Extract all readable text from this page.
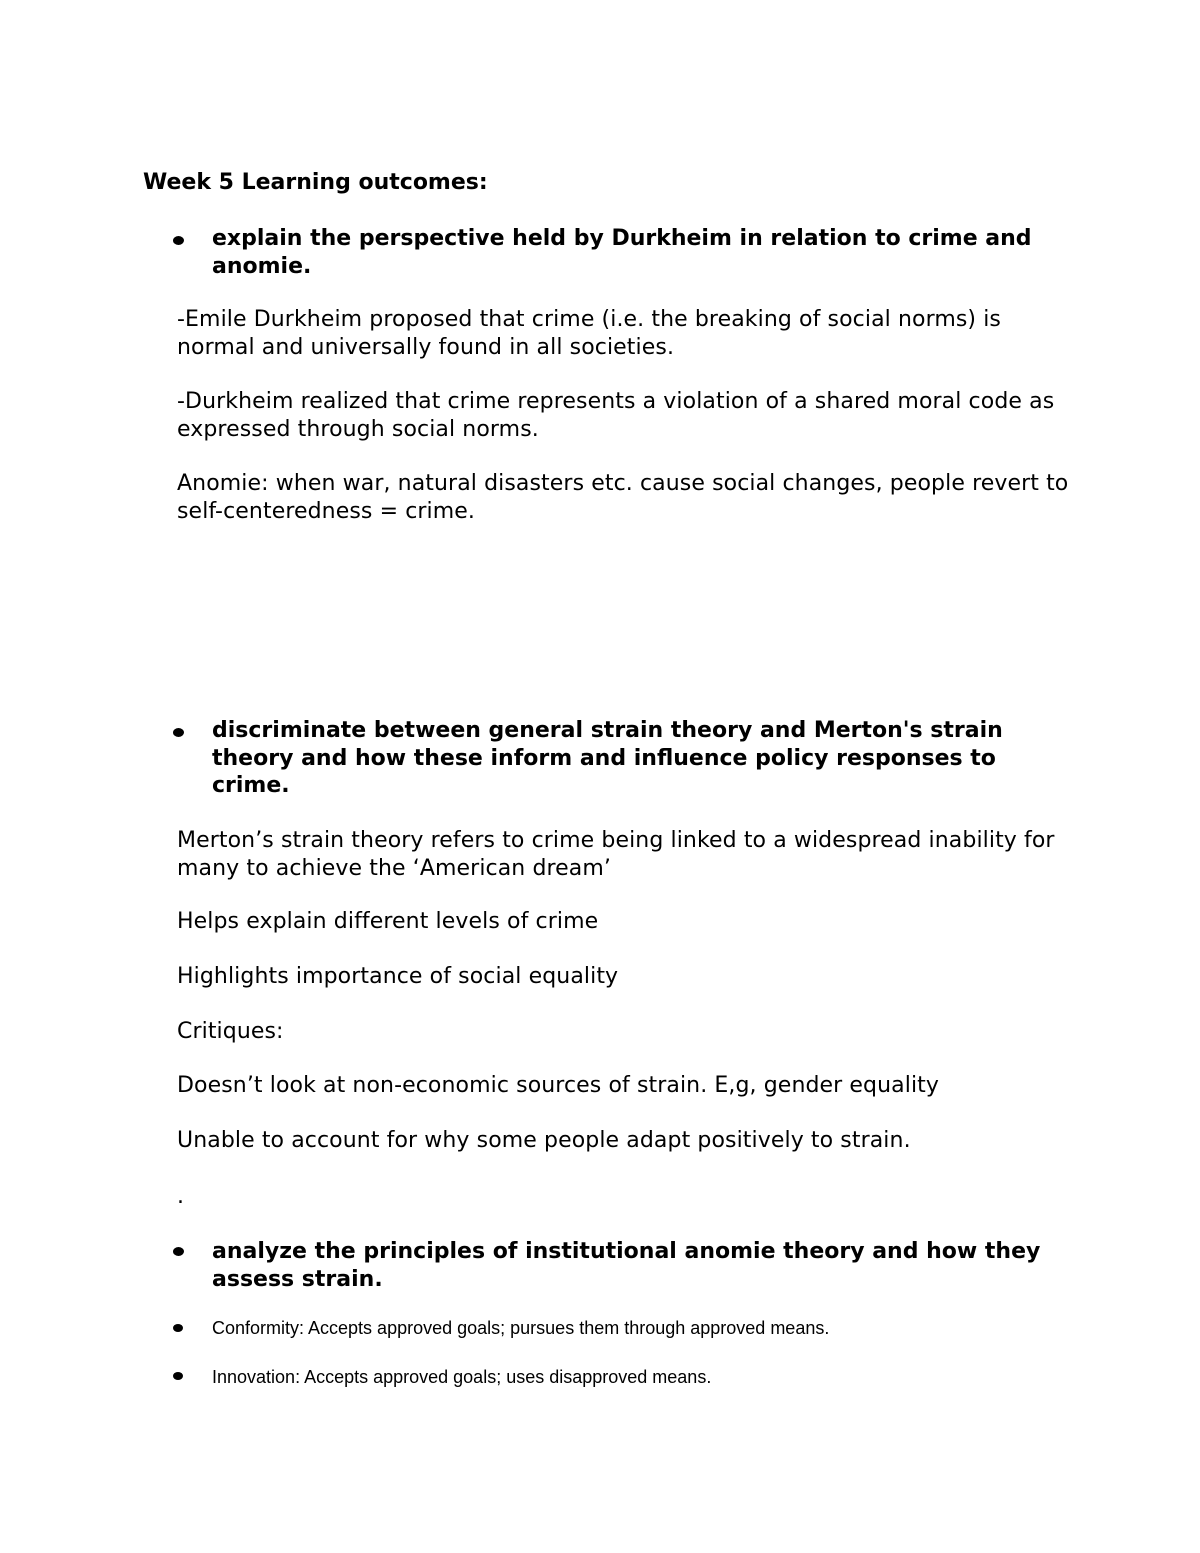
Week 5 Learning outcomes:
explain the perspective held by Durkheim in relation to crime and anomie.

-Emile Durkheim proposed that crime (i.e. the breaking of social norms) is normal and universally found in all societies.

-Durkheim realized that crime represents a violation of a shared moral code as expressed through social norms.

Anomie: when war, natural disasters etc. cause social changes, people revert to self-centeredness = crime.

discriminate between general strain theory and Merton's strain theory and how these inform and influence policy responses to crime.

Merton’s strain theory refers to crime being linked to a widespread inability for many to achieve the ‘American dream’

Helps explain different levels of crime

Highlights importance of social equality

Critiques:

Doesn’t look at non-economic sources of strain. E,g, gender equality

Unable to account for why some people adapt positively to strain.

.

analyze the principles of institutional anomie theory and how they assess strain.
Conformity: Accepts approved goals; pursues them through approved means.
Innovation: Accepts approved goals; uses disapproved means.
